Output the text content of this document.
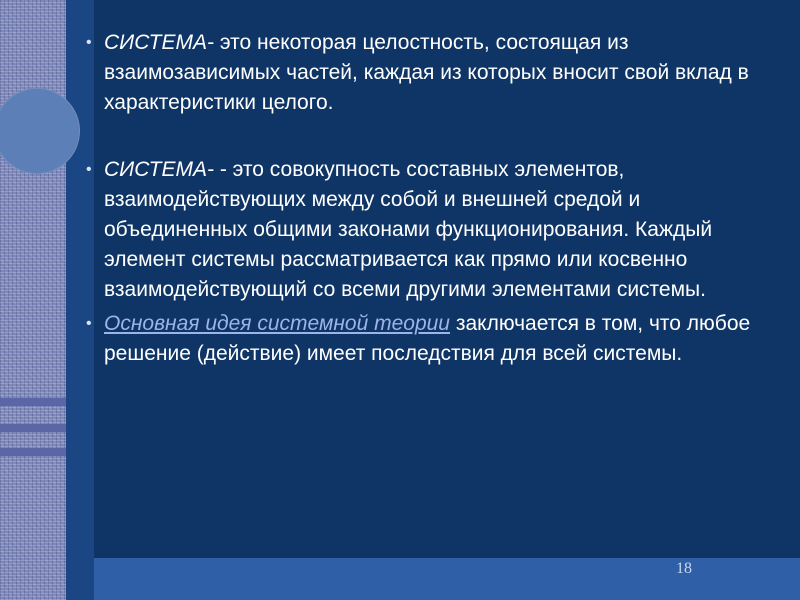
18
• СИСТЕМА- это некоторая целостность, состоящая из взаимозависимых частей, каждая из которых вносит свой вклад в характеристики целого.
• СИСТЕМА- - это совокупность составных элементов, взаимодействующих между собой и внешней средой и объединенных общими законами функционирования. Каждый элемент системы рассматривается как прямо или косвенно взаимодействующий со всеми другими элементами системы.
• Основная идея системной теории заключается в том, что любое решение (действие) имеет последствия для всей системы.
